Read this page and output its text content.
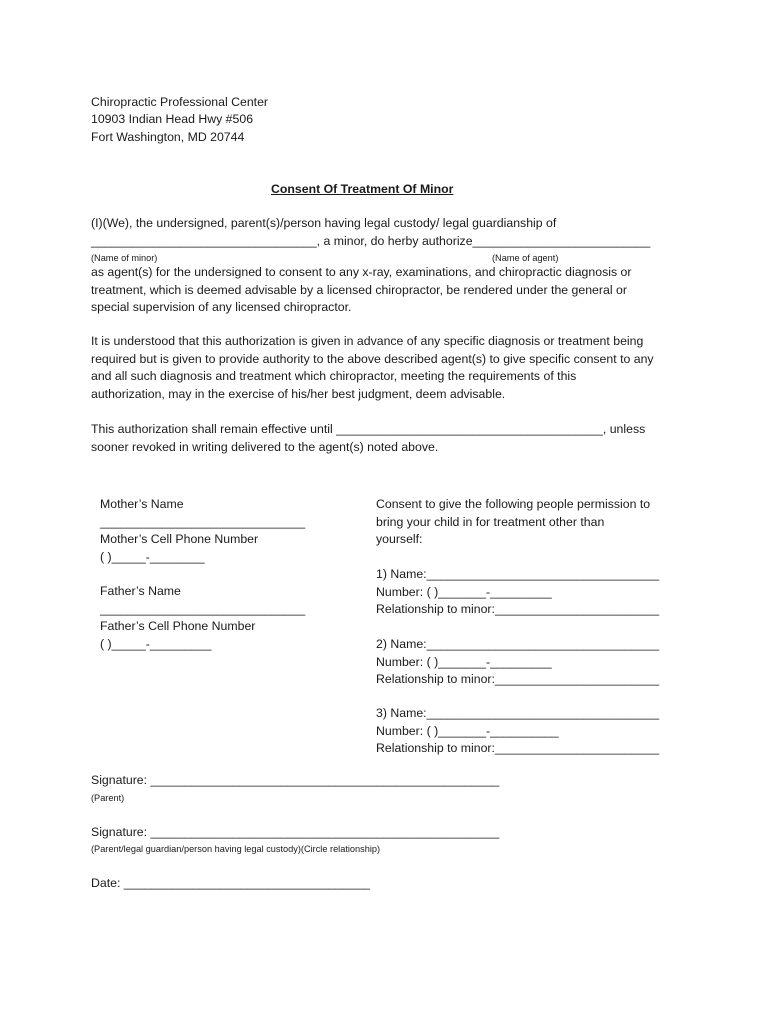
Chiropractic Professional Center
10903 Indian Head Hwy #506
Fort Washington, MD 20744
Consent Of Treatment Of Minor
(I)(We), the undersigned, parent(s)/person having legal custody/ legal guardianship of
_________________________________, a minor, do herby authorize__________________________
(Name of minor)	(Name of agent)
as agent(s) for the undersigned to consent to any x-ray, examinations, and chiropractic diagnosis or
treatment, which is deemed advisable by a licensed chiropractor, be rendered under the general or
special supervision of any licensed chiropractor.
It is understood that this authorization is given in advance of any specific diagnosis or treatment being
required but is given to provide authority to the above described agent(s) to give specific consent to any
and all such diagnosis and treatment which chiropractor, meeting the requirements of this
authorization, may in the exercise of his/her best judgment, deem advisable.
This authorization shall remain effective until _______________________________________, unless
sooner revoked in writing delivered to the agent(s) noted above.
Mother’s Name
______________________________
Mother’s Cell Phone Number
( )_____-________
Father’s Name
______________________________
Father’s Cell Phone Number
( )_____-_________
Consent to give the following people permission to
bring your child in for treatment other than
yourself:
1) Name:__________________________________
Number: ( )_______-_________
Relationship to minor:________________________
2) Name:__________________________________
Number: ( )_______-_________
Relationship to minor:________________________
3) Name:__________________________________
Number: ( )_______-__________
Relationship to minor:________________________
Signature: ___________________________________________________
(Parent)
Signature: ___________________________________________________
(Parent/legal guardian/person having legal custody)(Circle relationship)
Date: ____________________________________
